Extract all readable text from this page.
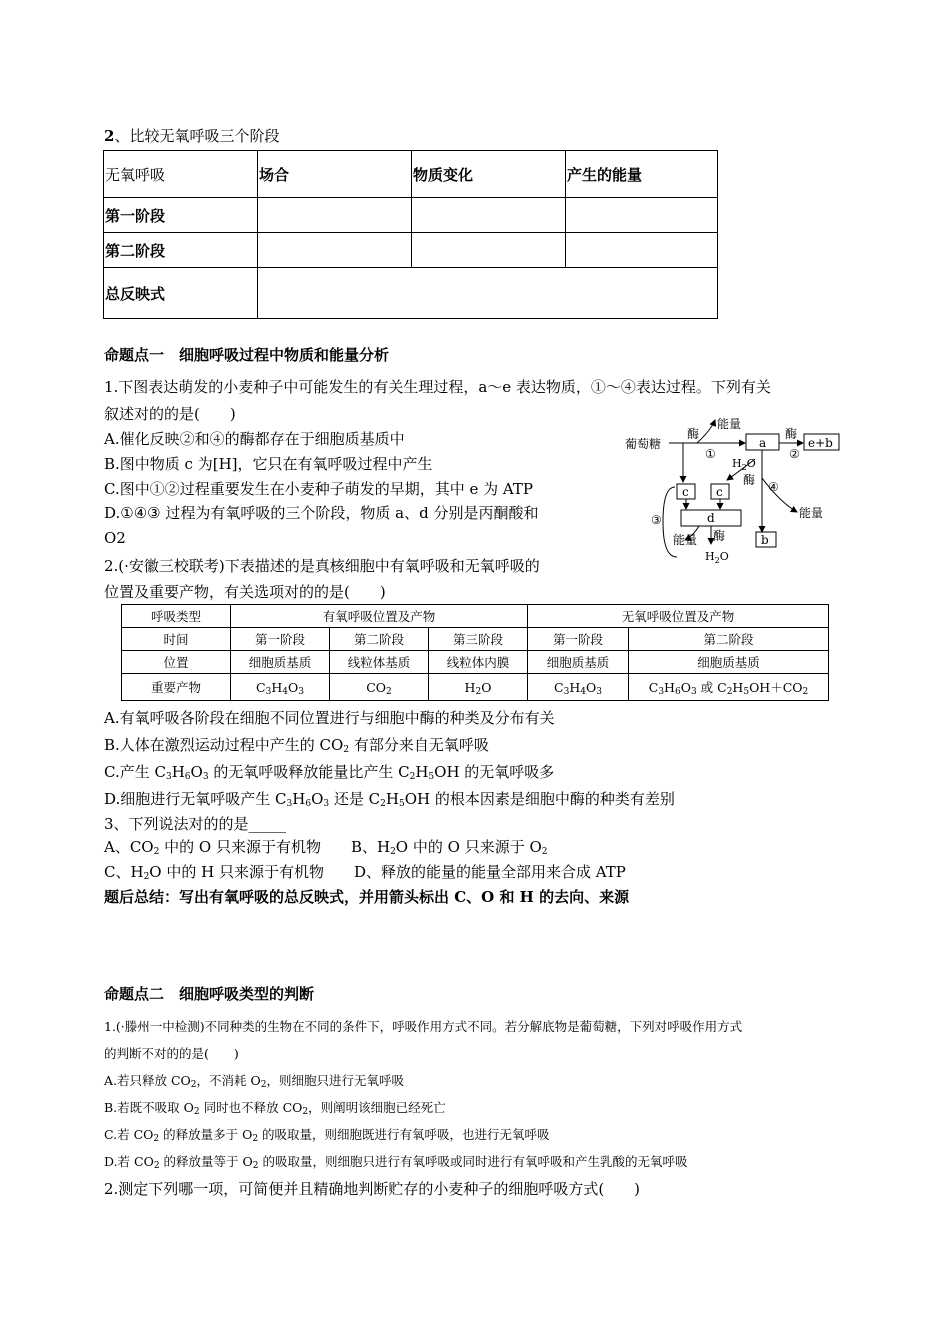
2、比较无氧呼吸三个阶段
无氧呼吸	场合	物质变化	产生的能量
第一阶段			
第二阶段			
总反映式			
命题点一　细胞呼吸过程中物质和能量分析
1.下图表达萌发的小麦种子中可能发生的有关生理过程，a～e 表达物质，①～④表达过程。下列有关
叙述对的的是(　　)
A.催化反映②和④的酶都存在于细胞质基质中
B.图中物质 c 为[H]，它只在有氧呼吸过程中产生
C.图中①②过程重要发生在小麦种子萌发的早期，其中 e 为 ATP
D.①④③ 过程为有氧呼吸的三个阶段，物质 a、d 分别是丙酮酸和
O2
葡萄糖
酶
能量
①
a
酶
②
e+b
$H_2O$
酶 ④
能量
c c
d
酶
$H_2O$
能量
③
b
2.(·安徽三校联考)下表描述的是真核细胞中有氧呼吸和无氧呼吸的
位置及重要产物，有关选项对的的是(　　)
呼吸类型	有氧呼吸位置及产物			无氧呼吸位置及产物	
时间	第一阶段	第二阶段	第三阶段	第一阶段	第二阶段
位置	细胞质基质	线粒体基质	线粒体内膜	细胞质基质	细胞质基质
重要产物	$C_3H_4O_3$	$CO_2$	$H_2O$	$C_3H_4O_3$	$C_3H_6O_3$ 或 $C_2H_5OH+CO_2$
A.有氧呼吸各阶段在细胞不同位置进行与细胞中酶的种类及分布有关
B.人体在激烈运动过程中产生的 $CO_2$ 有部分来自无氧呼吸
C.产生 $C_3H_6O_3$ 的无氧呼吸释放能量比产生 $C_2H_5OH$ 的无氧呼吸多
D.细胞进行无氧呼吸产生 $C_3H_6O_3$ 还是 $C_2H_5OH$ 的根本因素是细胞中酶的种类有差别
3、下列说法对的的是_____
A、$CO_2$ 中的 O 只来源于有机物　　B、$H_2O$ 中的 O 只来源于 $O_2$
C、$H_2O$ 中的 H 只来源于有机物　　D、释放的能量的能量全部用来合成 ATP
题后总结：写出有氧呼吸的总反映式，并用箭头标出 C、O 和 H 的去向、来源
命题点二　细胞呼吸类型的判断
1.(·滕州一中检测)不同种类的生物在不同的条件下，呼吸作用方式不同。若分解底物是葡萄糖，下列对呼吸作用方式
的判断不对的的是(　　)
A.若只释放 $CO_2$，不消耗 $O_2$，则细胞只进行无氧呼吸
B.若既不吸取 $O_2$ 同时也不释放 $CO_2$，则阐明该细胞已经死亡
C.若 $CO_2$ 的释放量多于 $O_2$ 的吸取量，则细胞既进行有氧呼吸，也进行无氧呼吸
D.若 $CO_2$ 的释放量等于 $O_2$ 的吸取量，则细胞只进行有氧呼吸或同时进行有氧呼吸和产生乳酸的无氧呼吸
2.测定下列哪一项，可简便并且精确地判断贮存的小麦种子的细胞呼吸方式(　　)
